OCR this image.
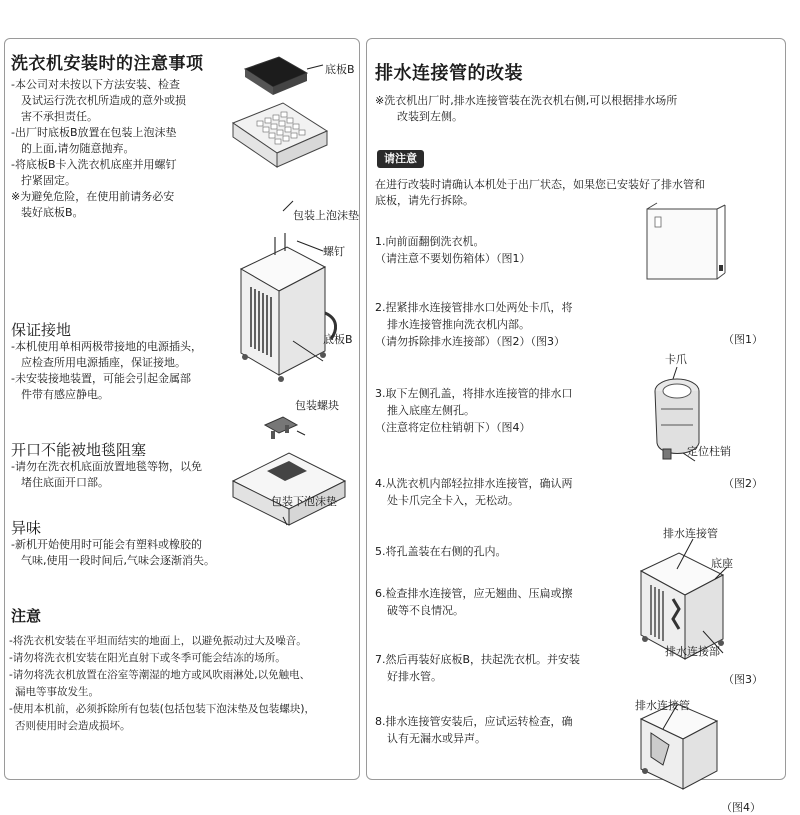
洗衣机安装时的注意事项

-本公司对未按以下方法安装、检查

及试运行洗衣机所造成的意外或损

害不承担责任。

-出厂时底板B放置在包装上泡沫垫

的上面,请勿随意抛弃。

-将底板B卡入洗衣机底座并用螺钉

拧紧固定。

※为避免危险，在使用前请务必安

装好底板B。

底板B
包装上泡沫垫
螺钉
底板B
包装螺块
包装下泡沫垫
保证接地

-本机使用单相两极带接地的电源插头，

应检查所用电源插座，保证接地。

-未安装接地装置，可能会引起金属部

件带有感应静电。

开口不能被地毯阻塞

-请勿在洗衣机底面放置地毯等物，以免

堵住底面开口部。

异味

-新机开始使用时可能会有塑料或橡胶的

气味,使用一段时间后,气味会逐渐消失。

注意

-将洗衣机安装在平坦而结实的地面上，以避免振动过大及噪音。

-请勿将洗衣机安装在阳光直射下或冬季可能会结冻的场所。

-请勿将洗衣机放置在浴室等潮湿的地方或风吹雨淋处,以免触电、

漏电等事故发生。

-使用本机前，必须拆除所有包装(包括包装下泡沫垫及包装螺块)，

否则使用时会造成损坏。

排水连接管的改装

※洗衣机出厂时,排水连接管装在洗衣机右侧,可以根据排水场所

改装到左侧。

请注意

在进行改装时请确认本机处于出厂状态，如果您已安装好了排水管和

底板，请先行拆除。

1.向前面翻倒洗衣机。

（请注意不要划伤箱体）（图1）

2.捏紧排水连接管排水口处两处卡爪，将

排水连接管推向洗衣机内部。

（请勿拆除排水连接部）（图2）（图3）

3.取下左侧孔盖，将排水连接管的排水口

推入底座左侧孔。

（注意将定位柱销朝下）（图4）

4.从洗衣机内部轻拉排水连接管，确认两

处卡爪完全卡入，无松动。

5.将孔盖装在右侧的孔内。

6.检查排水连接管，应无翘曲、压扁或擦

破等不良情况。

7.然后再装好底板B，扶起洗衣机。并安装

好排水管。

8.排水连接管安装后，应试运转检查，确

认有无漏水或异声。

（图1）
卡爪
定位柱销
（图2）
排水连接管
底座
排水连接部
（图3）
排水连接管
（图4）
